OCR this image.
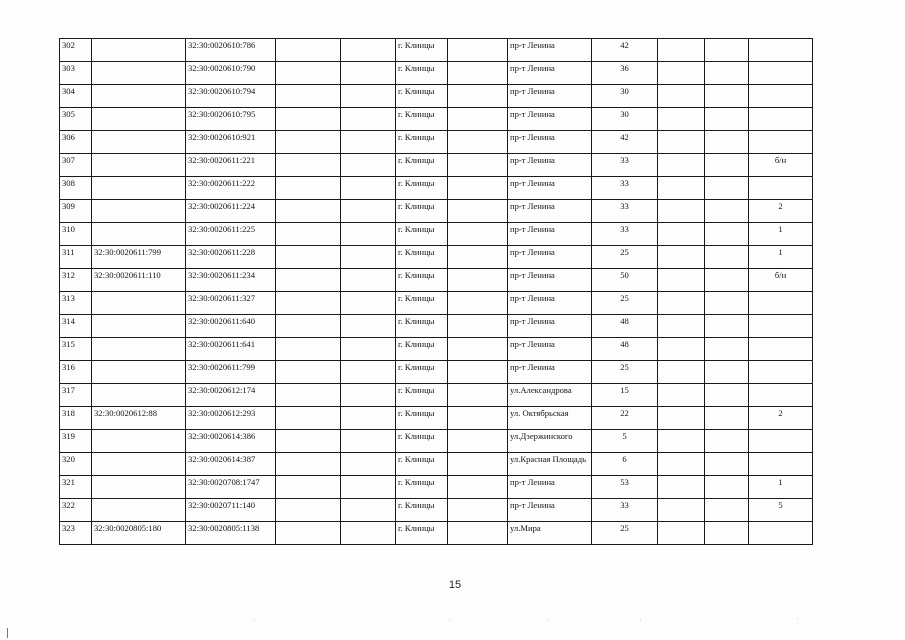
302		32:30:0020610:786			г. Клинцы		пр-т Ленина	42			

303		32:30:0020610:790			г. Клинцы		пр-т Ленина	36			

304		32:30:0020610:794			г. Клинцы		пр-т Ленина	30			

305		32:30:0020610:795			г. Клинцы		пр-т Ленина	30			

306		32:30:0020610:921			г. Клинцы		пр-т Ленина	42			

307		32:30:0020611:221			г. Клинцы		пр-т Ленина	33			б/н

308		32:30:0020611:222			г. Клинцы		пр-т Ленина	33			

309		32:30:0020611:224			г. Клинцы		пр-т Ленина	33			2

310		32:30:0020611:225			г. Клинцы		пр-т Ленина	33			1

311	32:30:0020611:799	32:30:0020611:228			г. Клинцы		пр-т Ленина	25			1

312	32:30:0020611:110	32:30:0020611:234			г. Клинцы		пр-т Ленина	50			б/н

313		32:30:0020611:327			г. Клинцы		пр-т Ленина	25			

314		32:30:0020611:640			г. Клинцы		пр-т Ленина	48			

315		32:30:0020611:641			г. Клинцы		пр-т Ленина	48			

316		32:30:0020611:799			г. Клинцы		пр-т Ленина	25			

317		32:30:0020612:174			г. Клинцы		ул.Александрова	15			

318	32:30:0020612:88	32:30:0020612:293			г. Клинцы		ул. Октябрьская	22			2

319		32:30:0020614:386			г. Клинцы		ул.Дзержинского	5			

320		32:30:0020614:387			г. Клинцы		ул.Красная Площадь	6			

321		32:30:0020708:1747			г. Клинцы		пр-т Ленина	53			1

322		32:30:0020711:140			г. Клинцы		пр-т Ленина	33			5

323	32:30:0020805:180	32:30:0020805:1138			г. Клинцы		ул.Мира	25			

15
